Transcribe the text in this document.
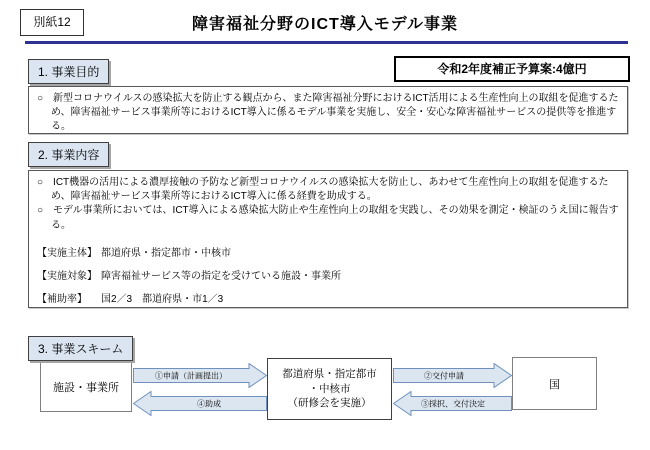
別紙12	障害福祉分野のICT導入モデル事業
1. 事業目的	令和2年度補正予算案:4億円

○　新型コロナウイルスの感染拡大を防止する観点から、また障害福祉分野におけるICT活用による生産性向上の取組を促進するため、障害福祉サービス事業所等におけるICT導入に係るモデル事業を実施し、安全・安心な障害福祉サービスの提供等を推進する。

2. 事業内容

○　ICT機器の活用による濃厚接触の予防など新型コロナウイルスの感染拡大を防止し、あわせて生産性向上の取組を促進するため、障害福祉サービス事業所等におけるICT導入に係る経費を助成する。

○　モデル事業所においては、ICT導入による感染拡大防止や生産性向上の取組を実践し、その効果を測定・検証のうえ国に報告する。

【実施主体】 都道府県・指定都市・中核市
【実施対象】 障害福祉サービス等の指定を受けている施設・事業所
【補助率】	国2／3　都道府県・市1／3
3. 事業スキーム
施設・事業所
都道府県・指定都市
・中核市
（研修会を実施）
国
①申請（計画提出）
④助成
②交付申請
③採択、交付決定
